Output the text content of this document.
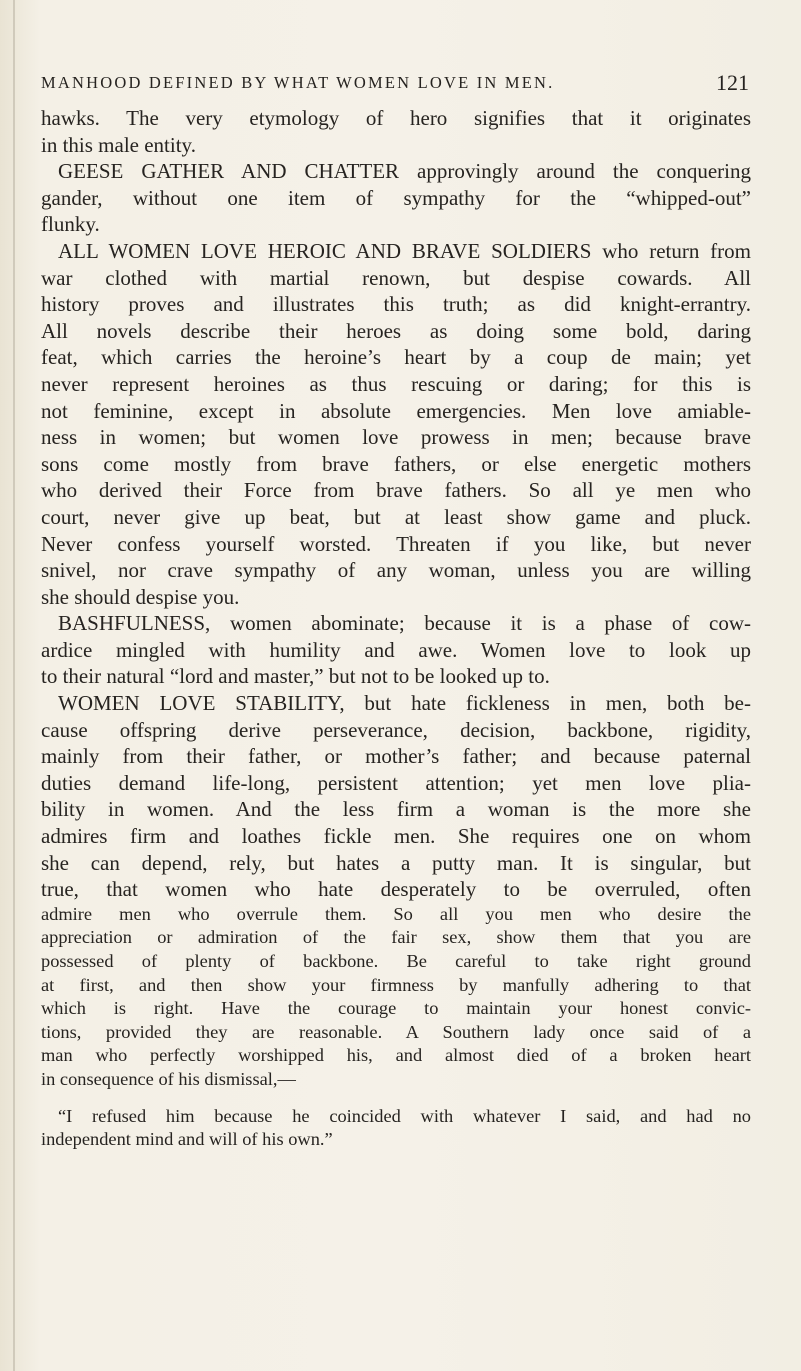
MANHOOD DEFINED BY WHAT WOMEN LOVE IN MEN.	121
hawks. The very etymology of hero signifies that it originates
in this male entity.
GEESE GATHER AND CHATTER approvingly around the conquering
gander, without one item of sympathy for the “whipped-out”
flunky.
ALL WOMEN LOVE HEROIC AND BRAVE SOLDIERS who return from
war clothed with martial renown, but despise cowards. All
history proves and illustrates this truth; as did knight-errantry.
All novels describe their heroes as doing some bold, daring
feat, which carries the heroine’s heart by a coup de main; yet
never represent heroines as thus rescuing or daring; for this is
not feminine, except in absolute emergencies. Men love amiable-
ness in women; but women love prowess in men; because brave
sons come mostly from brave fathers, or else energetic mothers
who derived their Force from brave fathers. So all ye men who
court, never give up beat, but at least show game and pluck.
Never confess yourself worsted. Threaten if you like, but never
snivel, nor crave sympathy of any woman, unless you are willing
she should despise you.
BASHFULNESS, women abominate; because it is a phase of cow-
ardice mingled with humility and awe. Women love to look up
to their natural “lord and master,” but not to be looked up to.
WOMEN LOVE STABILITY, but hate fickleness in men, both be-
cause offspring derive perseverance, decision, backbone, rigidity,
mainly from their father, or mother’s father; and because paternal
duties demand life-long, persistent attention; yet men love plia-
bility in women. And the less firm a woman is the more she
admires firm and loathes fickle men. She requires one on whom
she can depend, rely, but hates a putty man. It is singular, but
true, that women who hate desperately to be overruled, often
admire men who overrule them. So all you men who desire the
appreciation or admiration of the fair sex, show them that you are
possessed of plenty of backbone. Be careful to take right ground
at first, and then show your firmness by manfully adhering to that
which is right. Have the courage to maintain your honest convic-
tions, provided they are reasonable. A Southern lady once said of a
man who perfectly worshipped his, and almost died of a broken heart
in consequence of his dismissal,—
“I refused him because he coincided with whatever I said, and had no
independent mind and will of his own.”
